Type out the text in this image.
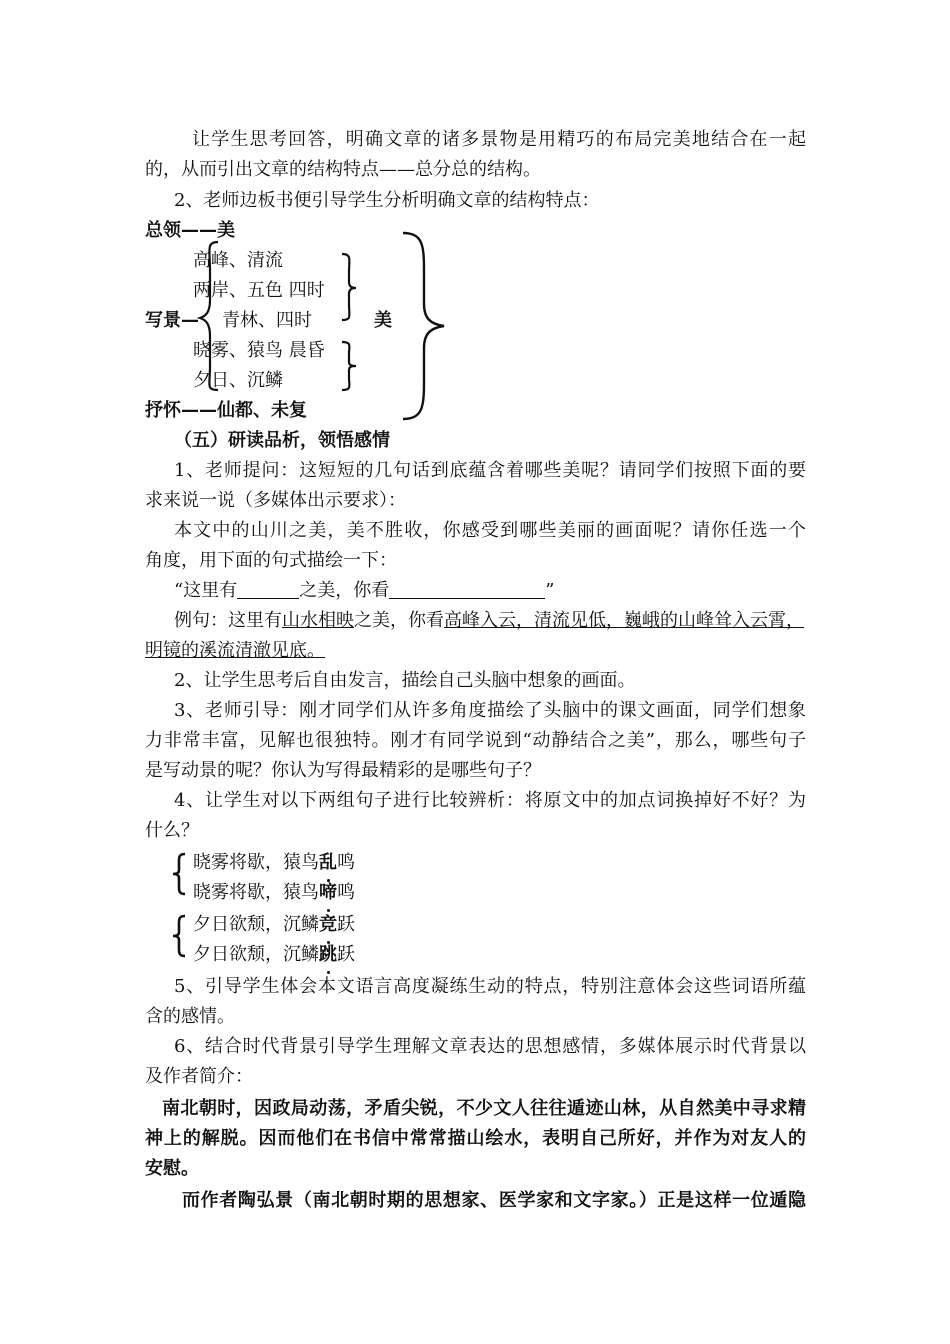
让学生思考回答，明确文章的诸多景物是用精巧的布局完美地结合在一起
的，从而引出文章的结构特点——总分总的结构。
2、老师边板书便引导学生分析明确文章的结构特点：
总领——美
高峰、清流
两岸、五色 四时
写景— 青林、四时	美
晓雾、猿鸟 晨昏
夕日、沉鳞
抒怀——仙都、未复
（五）研读品析，领悟感情
1、老师提问：这短短的几句话到底蕴含着哪些美呢？请同学们按照下面的要
求来说一说（多媒体出示要求）：
本文中的山川之美，美不胜收，你感受到哪些美丽的画面呢？请你任选一个
角度，用下面的句式描绘一下：
“这里有	之美，你看	”
例句：这里有山水相映之美，你看高峰入云，清流见低，巍峨的山峰耸入云霄，
明镜的溪流清澈见底。
2、让学生思考后自由发言，描绘自己头脑中想象的画面。
3、老师引导：刚才同学们从许多角度描绘了头脑中的课文画面，同学们想象
力非常丰富，见解也很独特。刚才有同学说到“动静结合之美”，那么，哪些句子
是写动景的呢？你认为写得最精彩的是哪些句子？
4、让学生对以下两组句子进行比较辨析：将原文中的加点词换掉好不好？为
什么？
晓雾将歇，猿鸟乱鸣
晓雾将歇，猿鸟啼鸣
夕日欲颓，沉鳞竞跃
夕日欲颓，沉鳞跳跃
5、引导学生体会本文语言高度凝练生动的特点，特别注意体会这些词语所蕴
含的感情。
6、结合时代背景引导学生理解文章表达的思想感情，多媒体展示时代背景以
及作者简介：
南北朝时，因政局动荡，矛盾尖锐，不少文人往往遁迹山林，从自然美中寻求精
神上的解脱。因而他们在书信中常常描山绘水，表明自己所好，并作为对友人的
安慰。
而作者陶弘景（南北朝时期的思想家、医学家和文字家。）正是这样一位遁隐
